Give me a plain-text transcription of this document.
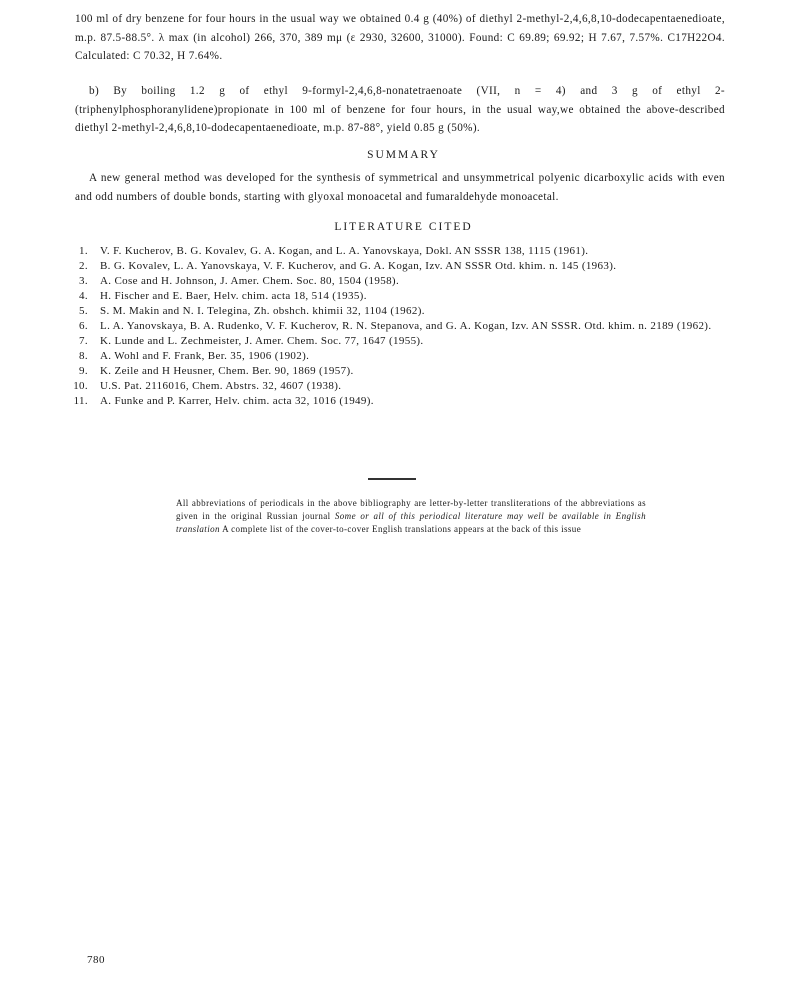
100 ml of dry benzene for four hours in the usual way we obtained 0.4 g (40%) of diethyl 2-methyl-2,4,6,8,10-dodecapentaenedioate, m.p. 87.5-88.5°. λ max (in alcohol) 266, 370, 389 mμ (ε 2930, 32600, 31000). Found: C 69.89; 69.92; H 7.67, 7.57%. C17H22O4. Calculated: C 70.32, H 7.64%.

b) By boiling 1.2 g of ethyl 9-formyl-2,4,6,8-nonatetraenoate (VII, n = 4) and 3 g of ethyl 2-(triphenylphosphoranylidene)propionate in 100 ml of benzene for four hours, in the usual way,we obtained the above-described diethyl 2-methyl-2,4,6,8,10-dodecapentaenedioate, m.p. 87-88°, yield 0.85 g (50%).

SUMMARY

A new general method was developed for the synthesis of symmetrical and unsymmetrical polyenic dicarboxylic acids with even and odd numbers of double bonds, starting with glyoxal monoacetal and fumaraldehyde monoacetal.

LITERATURE CITED

1.	V. F. Kucherov, B. G. Kovalev, G. A. Kogan, and L. A. Yanovskaya, Dokl. AN SSSR 138, 1115 (1961).
2.	B. G. Kovalev, L. A. Yanovskaya, V. F. Kucherov, and G. A. Kogan, Izv. AN SSSR Otd. khim. n. 145 (1963).
3.	A. Cose and H. Johnson, J. Amer. Chem. Soc. 80, 1504 (1958).
4.	H. Fischer and E. Baer, Helv. chim. acta 18, 514 (1935).
5.	S. M. Makin and N. I. Telegina, Zh. obshch. khimii 32, 1104 (1962).
6.	L. A. Yanovskaya, B. A. Rudenko, V. F. Kucherov, R. N. Stepanova, and G. A. Kogan, Izv. AN SSSR. Otd. khim. n. 2189 (1962).
7.	K. Lunde and L. Zechmeister, J. Amer. Chem. Soc. 77, 1647 (1955).
8.	A. Wohl and F. Frank, Ber. 35, 1906 (1902).
9.	K. Zeile and H Heusner, Chem. Ber. 90, 1869 (1957).
10.	U.S. Pat. 2116016, Chem. Abstrs. 32, 4607 (1938).
11.	A. Funke and P. Karrer, Helv. chim. acta 32, 1016 (1949).
All abbreviations of periodicals in the above bibliography are letter-by-letter transliterations of the abbreviations as given in the original Russian journal Some or all of this periodical literature may well be available in English translation A complete list of the cover-to-cover English translations appears at the back of this issue
780
